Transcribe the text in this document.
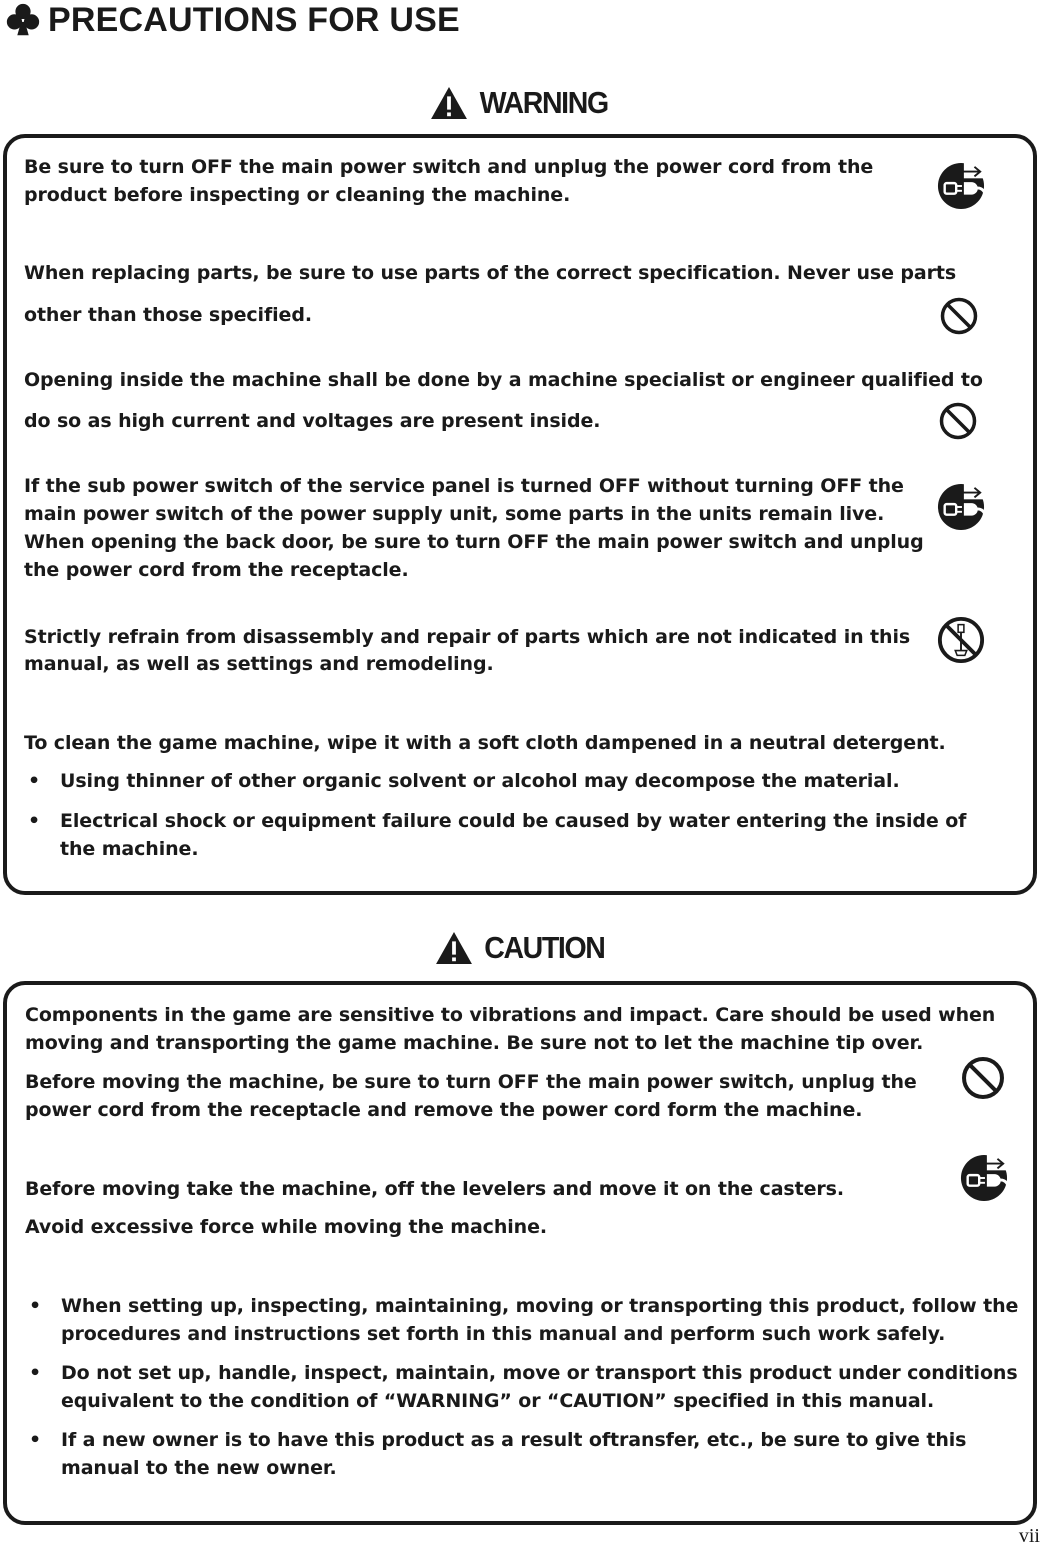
PRECAUTIONS FOR USE
WARNING
Be sure to turn OFF the main power switch and unplug the power cord from the
product before inspecting or cleaning the machine.
When replacing parts, be sure to use parts of the correct specification. Never use parts
other than those specified.
Opening inside the machine shall be done by a machine specialist or engineer qualified to
do so as high current and voltages are present inside.
If the sub power switch of the service panel is turned OFF without turning OFF the
main power switch of the power supply unit, some parts in the units remain live.
When opening the back door, be sure to turn OFF the main power switch and unplug
the power cord from the receptacle.
Strictly refrain from disassembly and repair of parts which are not indicated in this
manual, as well as settings and remodeling.
To clean the game machine, wipe it with a soft cloth dampened in a neutral detergent.
• Using thinner of other organic solvent or alcohol may decompose the material.
• Electrical shock or equipment failure could be caused by water entering the inside of
the machine.
CAUTION
Components in the game are sensitive to vibrations and impact. Care should be used when
moving and transporting the game machine. Be sure not to let the machine tip over.
Before moving the machine, be sure to turn OFF the main power switch, unplug the
power cord from the receptacle and remove the power cord form the machine.
Before moving take the machine, off the levelers and move it on the casters.
Avoid excessive force while moving the machine.
• When setting up, inspecting, maintaining, moving or transporting this product, follow the
procedures and instructions set forth in this manual and perform such work safely.
• Do not set up, handle, inspect, maintain, move or transport this product under conditions
equivalent to the condition of “WARNING” or “CAUTION” specified in this manual.
• If a new owner is to have this product as a result oftransfer, etc., be sure to give this
manual to the new owner.
vii
